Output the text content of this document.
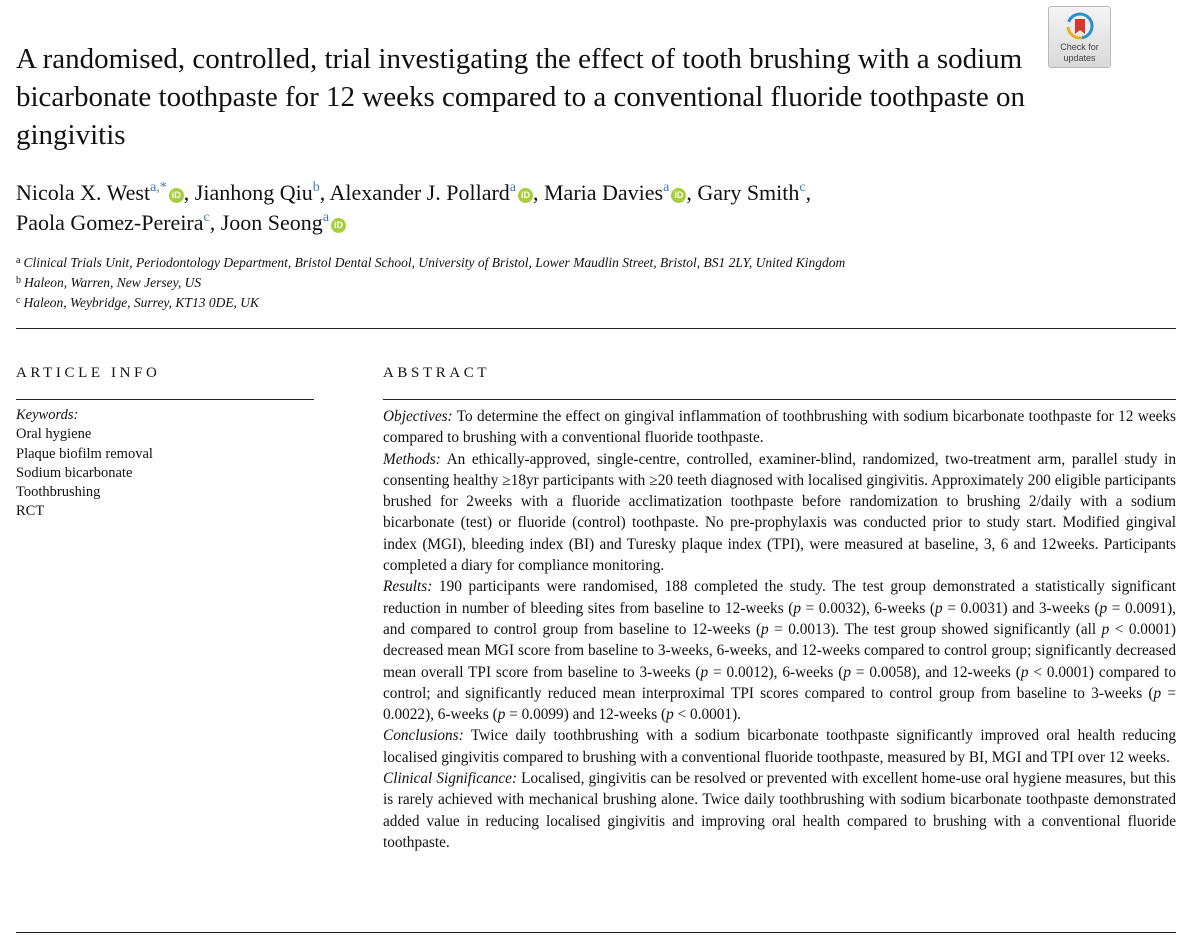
A randomised, controlled, trial investigating the effect of tooth brushing with a sodium bicarbonate toothpaste for 12 weeks compared to a conventional fluoride toothpaste on gingivitis
Check for
updates

Nicola X. West$^{a,*}$ iD , Jianhong Qiu$^b$, Alexander J. Pollard$^a$ iD , Maria Davies$^a$ iD , Gary Smith$^c$,
Paola Gomez-Pereira$^c$, Joon Seong$^a$ iD

$^a$ Clinical Trials Unit, Periodontology Department, Bristol Dental School, University of Bristol, Lower Maudlin Street, Bristol, BS1 2LY, United Kingdom
$^b$ Haleon, Warren, New Jersey, US
$^c$ Haleon, Weybridge, Surrey, KT13 0DE, UK
ARTICLE INFO
Keywords:
Oral hygiene
Plaque biofilm removal
Sodium bicarbonate
Toothbrushing
RCT
ABSTRACT

Objectives: To determine the effect on gingival inflammation of toothbrushing with sodium bicarbonate toothpaste for 12 weeks compared to brushing with a conventional fluoride toothpaste.

Methods: An ethically-approved, single-centre, controlled, examiner-blind, randomized, two-treatment arm, parallel study in consenting healthy ≥18yr participants with ≥20 teeth diagnosed with localised gingivitis. Approximately 200 eligible participants brushed for 2weeks with a fluoride acclimatization toothpaste before randomization to brushing 2/daily with a sodium bicarbonate (test) or fluoride (control) toothpaste. No pre-prophylaxis was conducted prior to study start. Modified gingival index (MGI), bleeding index (BI) and Turesky plaque index (TPI), were measured at baseline, 3, 6 and 12weeks. Participants completed a diary for compliance monitoring.

Results: 190 participants were randomised, 188 completed the study. The test group demonstrated a statistically significant reduction in number of bleeding sites from baseline to 12-weeks (p = 0.0032), 6-weeks (p = 0.0031) and 3-weeks (p = 0.0091), and compared to control group from baseline to 12-weeks (p = 0.0013). The test group showed significantly (all p < 0.0001) decreased mean MGI score from baseline to 3-weeks, 6-weeks, and 12-weeks compared to control group; significantly decreased mean overall TPI score from baseline to 3-weeks (p = 0.0012), 6-weeks (p = 0.0058), and 12-weeks (p < 0.0001) compared to control; and significantly reduced mean interproximal TPI scores compared to control group from baseline to 3-weeks (p = 0.0022), 6-weeks (p = 0.0099) and 12-weeks (p < 0.0001).

Conclusions: Twice daily toothbrushing with a sodium bicarbonate toothpaste significantly improved oral health reducing localised gingivitis compared to brushing with a conventional fluoride toothpaste, measured by BI, MGI and TPI over 12 weeks.

Clinical Significance: Localised, gingivitis can be resolved or prevented with excellent home-use oral hygiene measures, but this is rarely achieved with mechanical brushing alone. Twice daily toothbrushing with sodium bicarbonate toothpaste demonstrated added value in reducing localised gingivitis and improving oral health compared to brushing with a conventional fluoride toothpaste.
